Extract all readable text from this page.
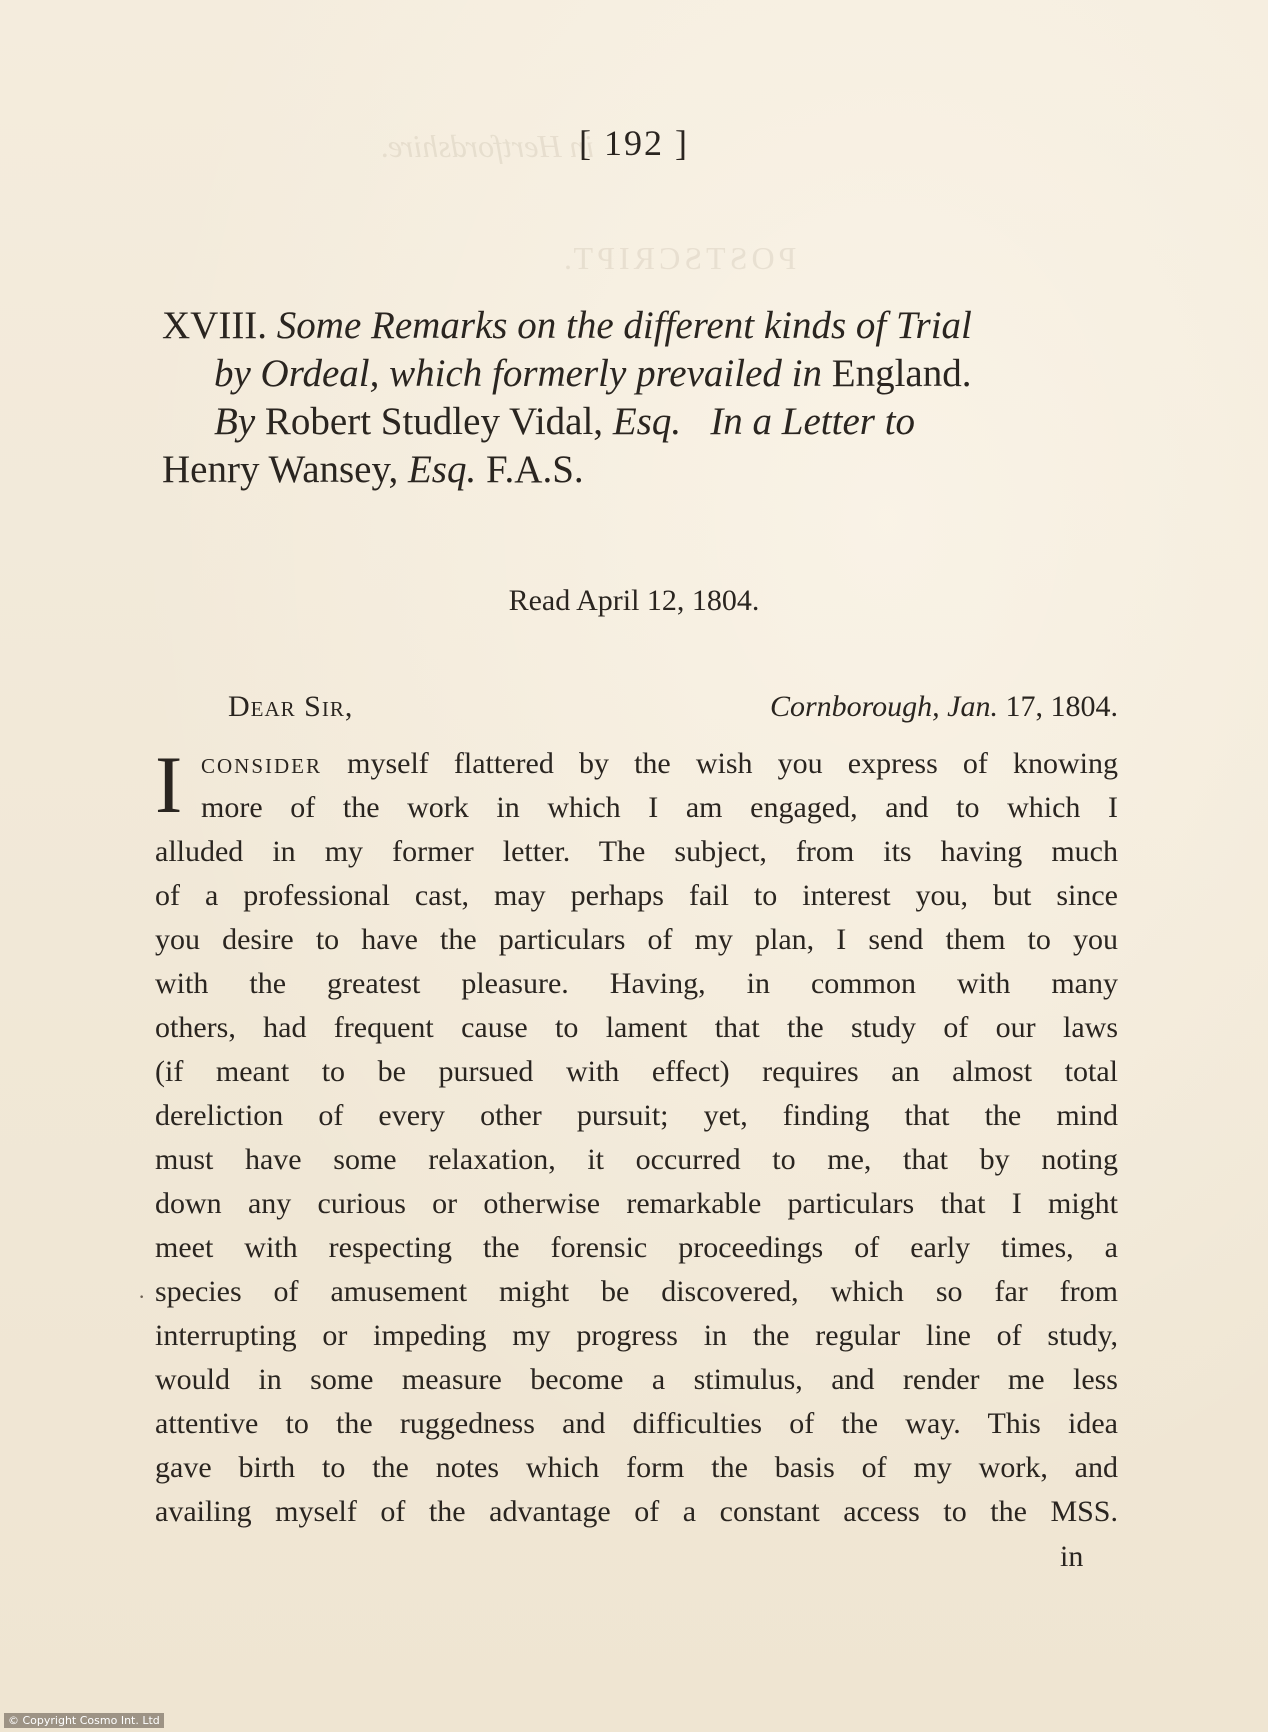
in Hertfordshire.
POSTSCRIPT.
[ 192 ]
XVIII. Some Remarks on the different kinds of Trial
by Ordeal, which formerly prevailed in England.
By Robert Studley Vidal, Esq. In a Letter to
Henry Wansey, Esq. F.A.S.
Read April 12, 1804.
Dear Sir,	Cornborough, Jan. 17, 1804.
I consider myself flattered by the wish you express of knowing
more of the work in which I am engaged, and to which I
alluded in my former letter. The subject, from its having much
of a professional cast, may perhaps fail to interest you, but since
you desire to have the particulars of my plan, I send them to you
with the greatest pleasure. Having, in common with many
others, had frequent cause to lament that the study of our laws
(if meant to be pursued with effect) requires an almost total
dereliction of every other pursuit; yet, finding that the mind
must have some relaxation, it occurred to me, that by noting
down any curious or otherwise remarkable particulars that I might
meet with respecting the forensic proceedings of early times, a
species of amusement might be discovered, which so far from
interrupting or impeding my progress in the regular line of study,
would in some measure become a stimulus, and render me less
attentive to the ruggedness and difficulties of the way. This idea
gave birth to the notes which form the basis of my work, and
availing myself of the advantage of a constant access to the MSS.
·
in
© Copyright Cosmo Int. Ltd
